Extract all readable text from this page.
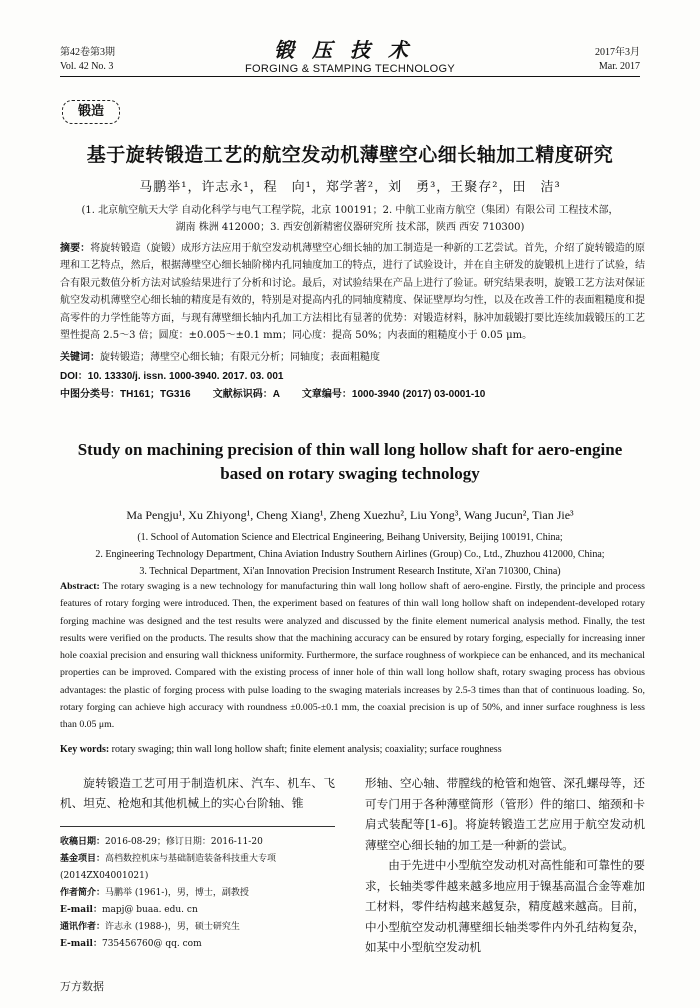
第42卷第3期
Vol. 42 No. 3
锻压技术
FORGING & STAMPING TECHNOLOGY
2017年3月
Mar. 2017
锻造
基于旋转锻造工艺的航空发动机薄壁空心细长轴加工精度研究
马鹏举¹，许志永¹，程　向¹，郑学著²，刘　勇³，王聚存²，田　洁³
(1. 北京航空航天大学 自动化科学与电气工程学院，北京 100191；2. 中航工业南方航空（集团）有限公司 工程技术部，
湖南 株洲 412000；3. 西安创新精密仪器研究所 技术部，陕西 西安 710300)
摘要：将旋转锻造（旋锻）成形方法应用于航空发动机薄壁空心细长轴的加工制造是一种新的工艺尝试。首先，介绍了旋转锻造的原理和工艺特点，然后，根据薄壁空心细长轴阶梯内孔同轴度加工的特点，进行了试验设计，并在自主研发的旋锻机上进行了试验，结合有限元数值分析方法对试验结果进行了分析和讨论。最后，对试验结果在产品上进行了验证。研究结果表明，旋锻工艺方法对保证航空发动机薄壁空心细长轴的精度是有效的，特别是对提高内孔的同轴度精度、保证壁厚均匀性，以及在改善工件的表面粗糙度和提高零件的力学性能等方面，与现有薄壁细长轴内孔加工方法相比有显著的优势：对锻造材料，脉冲加载锻打要比连续加载锻压的工艺塑性提高 2.5～3 倍；圆度：±0.005～±0.1 mm；同心度：提高 50%；内表面的粗糙度小于 0.05 μm。
关键词：旋转锻造；薄壁空心细长轴；有限元分析；同轴度；表面粗糙度
DOI：10. 13330/j. issn. 1000-3940. 2017. 03. 001
中图分类号：TH161；TG316        文献标识码：A        文章编号：1000-3940 (2017) 03-0001-10
Study on machining precision of thin wall long hollow shaft for aero-engine based on rotary swaging technology
Ma Pengju¹, Xu Zhiyong¹, Cheng Xiang¹, Zheng Xuezhu², Liu Yong³, Wang Jucun², Tian Jie³
(1. School of Automation Science and Electrical Engineering, Beihang University, Beijing 100191, China;
2. Engineering Technology Department, China Aviation Industry Southern Airlines (Group) Co., Ltd., Zhuzhou 412000, China;
3. Technical Department, Xi'an Innovation Precision Instrument Research Institute, Xi'an 710300, China)
Abstract: The rotary swaging is a new technology for manufacturing thin wall long hollow shaft of aero-engine. Firstly, the principle and process features of rotary forging were introduced. Then, the experiment based on features of thin wall long hollow shaft on independent-developed rotary forging machine was designed and the test results were analyzed and discussed by the finite element numerical analysis method. Finally, the test results were verified on the products. The results show that the machining accuracy can be ensured by rotary forging, especially for increasing inner hole coaxial precision and ensuring wall thickness uniformity. Furthermore, the surface roughness of workpiece can be enhanced, and its mechanical properties can be improved. Compared with the existing process of inner hole of thin wall long hollow shaft, rotary swaging process has obvious advantages: the plastic of forging process with pulse loading to the swaging materials increases by 2.5-3 times than that of continuous loading. So, rotary forging can achieve high accuracy with roundness ±0.005-±0.1 mm, the coaxial precision is up of 50%, and inner surface roughness is less than 0.05 μm.
Key words: rotary swaging; thin wall long hollow shaft; finite element analysis; coaxiality; surface roughness
旋转锻造工艺可用于制造机床、汽车、机车、飞机、坦克、枪炮和其他机械上的实心台阶轴、锥
收稿日期：2016-08-29；修订日期：2016-11-20
基金项目：高档数控机床与基础制造装备科技重大专项(2014ZX04001021)
作者简介：马鹏举 (1961-)，男，博士，副教授
E-mail：mapj@ buaa. edu. cn
通讯作者：许志永 (1988-)，男，硕士研究生
E-mail：735456760@ qq. com

形轴、空心轴、带膛线的枪管和炮管、深孔螺母等，还可专门用于各种薄壁筒形（管形）件的缩口、缩颈和卡肩式装配等[1-6]。将旋转锻造工艺应用于航空发动机薄壁空心细长轴的加工是一种新的尝试。

由于先进中小型航空发动机对高性能和可靠性的要求，长轴类零件越来越多地应用于镍基高温合金等难加工材料，零件结构越来越复杂，精度越来越高。目前，中小型航空发动机薄壁细长轴类零件内外孔结构复杂，如某中小型航空发动机

万方数据
